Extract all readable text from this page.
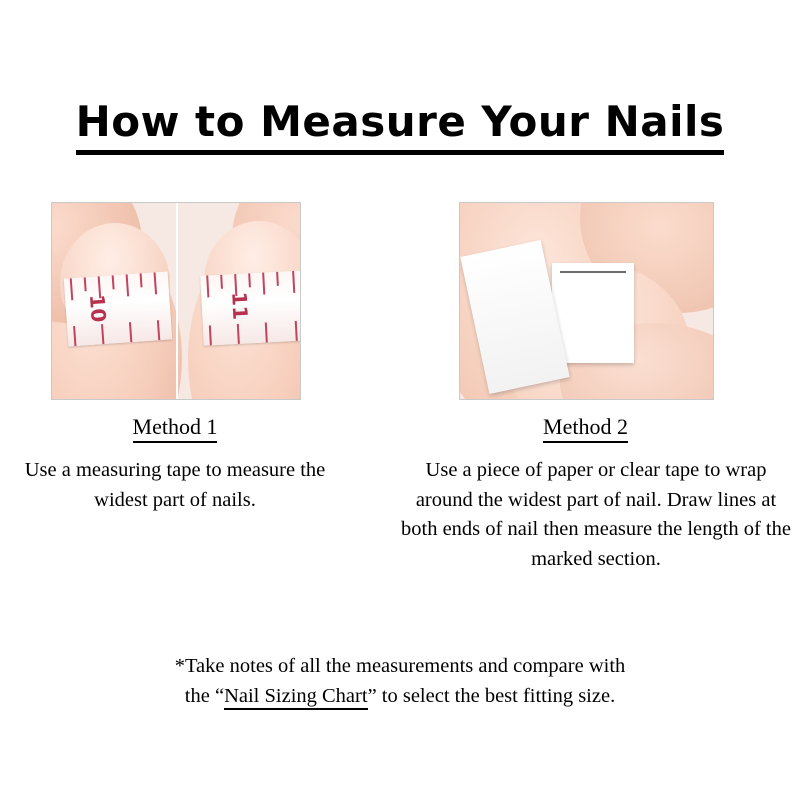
How to Measure Your Nails
10	11
Method 1	Method 2
Use a measuring tape to measure the widest part of nails.
Use a piece of paper or clear tape to wrap around the widest part of nail. Draw lines at both ends of nail then measure the length of the marked section.
*Take notes of all the measurements and compare with
the “Nail Sizing Chart” to select the best fitting size.
